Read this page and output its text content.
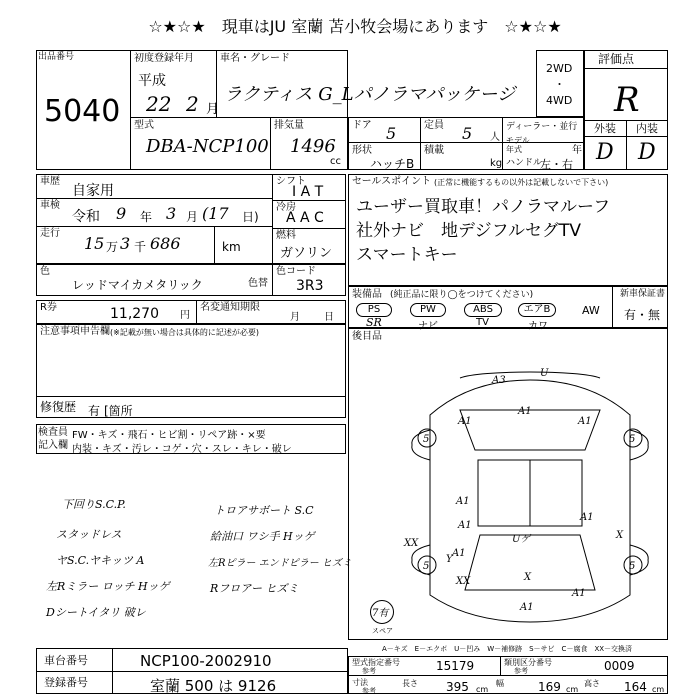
☆★☆★　現車はJU 室蘭 苫小牧会場にあります　☆★☆★
出品番号
5040
初度登録年月
平成
22 2 月
車名・グレード
ラクティス G_Lパノラマパッケージ
型式
DBA-NCP100
排気量
1496
cc
ドア 5	定員 5 人
ディーラー・並行
形状
ハッチB
積載
kg
モデル年式	年
ハンドル
左・右
2WD
・
4WD
評価点
R
外装 内装
D D
車歴
自家用
車検
令和 9 年 3 月 (17 日)
走行
15 万 3 千 686	km
シフト
I A T
冷房
A A C
燃料
ガソリン
色
レッドマイカメタリック	色替
色コード
3R3
R券	11,270 円
名変通知期限
月 日
注意事項申告欄 (※記載が無い場合は具体的に記述が必要)
修復歴 有 [箇所
セールスポイント (正常に機能するもの以外は記載しないで下さい)
ユーザー買取車！パノラマルーフ
社外ナビ　地デジフルセグTV
スマートキー
装備品 (純正品に限り◯をつけてください)	新車保証書
有・無
PS	PW	ABS	エアB	AW
SR	ナビ	TV	カワ
後目品
A3
U
A1
A1
A1
A1
A1
A1
5	5
5	5
Uゲ
XX
X
X
A1
Y
XX
A1
A1
7有
スペア
A－キズ　E－エクボ　U－凹み　W－補修跡　S－サビ　C－腐食　XX－交換済
検査員
記入欄
FW・キズ・飛石・ヒビ割・リペア跡・×要
内装・キズ・汚レ・コゲ・穴・スレ・キレ・破レ
下回りS.C.P.
スタッドレス
ヤS.C.ヤキッツ A
左Rミラー ロッチ Hッゲ
Dシートイタリ 破レ
トロアサボート S.C
給油口 ワシ手 Hッゲ
左Rピラー エンドピラー ヒズミ
Rフロアー ヒズミ
車台番号	NCP100-2002910
登録番号	室蘭 500 は 9126
型式指定番号
参考	15179	類別区分番号
参考	0009
寸法
参考
長さ 395 cm
幅	169 cm
高さ 164 cm
